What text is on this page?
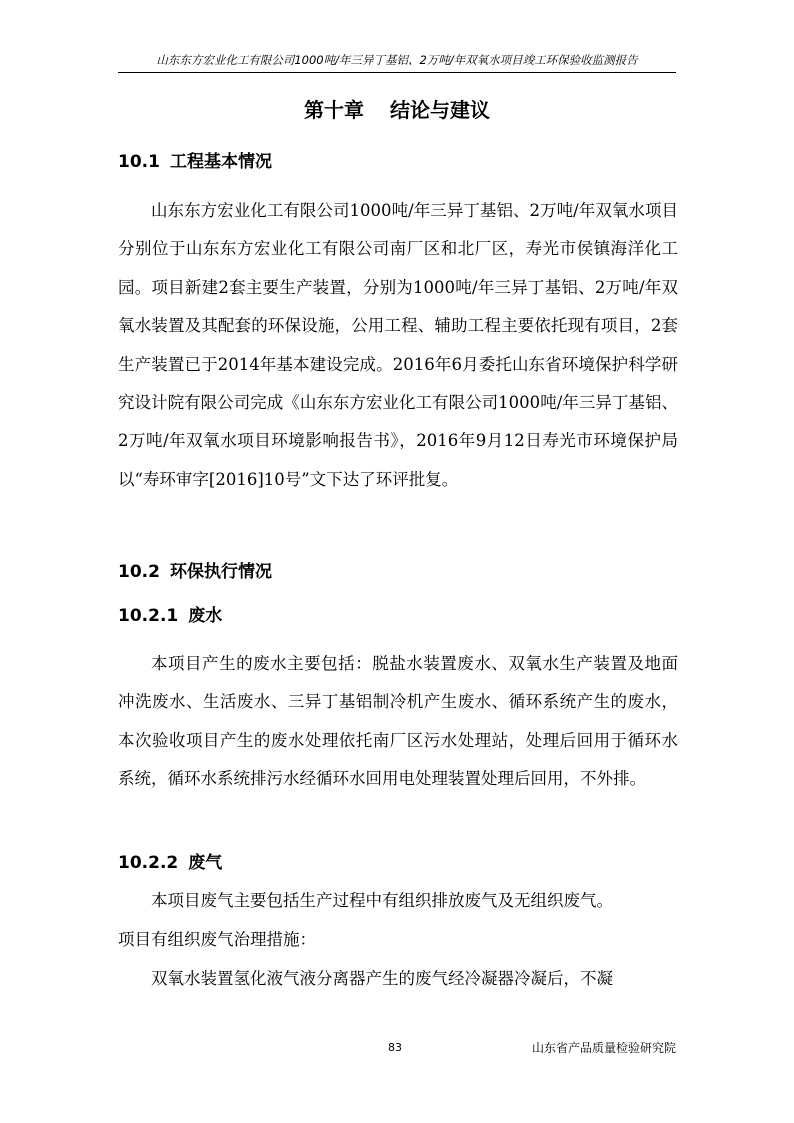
山东东方宏业化工有限公司1000吨/年三异丁基铝、2万吨/年双氧水项目竣工环保验收监测报告
第十章 结论与建议
10.1 工程基本情况
山东东方宏业化工有限公司1000吨/年三异丁基铝、2万吨/年双氧水项目分别位于山东东方宏业化工有限公司南厂区和北厂区，寿光市侯镇海洋化工园。项目新建2套主要生产装置，分别为1000吨/年三异丁基铝、2万吨/年双氧水装置及其配套的环保设施，公用工程、辅助工程主要依托现有项目，2套生产装置已于2014年基本建设完成。2016年6月委托山东省环境保护科学研究设计院有限公司完成《山东东方宏业化工有限公司1000吨/年三异丁基铝、2万吨/年双氧水项目环境影响报告书》，2016年9月12日寿光市环境保护局以“寿环审字[2016]10号”文下达了环评批复。
10.2 环保执行情况
10.2.1 废水
本项目产生的废水主要包括：脱盐水装置废水、双氧水生产装置及地面冲洗废水、生活废水、三异丁基铝制冷机产生废水、循环系统产生的废水，本次验收项目产生的废水处理依托南厂区污水处理站，处理后回用于循环水系统，循环水系统排污水经循环水回用电处理装置处理后回用，不外排。
10.2.2 废气
本项目废气主要包括生产过程中有组织排放废气及无组织废气。
项目有组织废气治理措施：
双氧水装置氢化液气液分离器产生的废气经冷凝器冷凝后，不凝
83	山东省产品质量检验研究院
